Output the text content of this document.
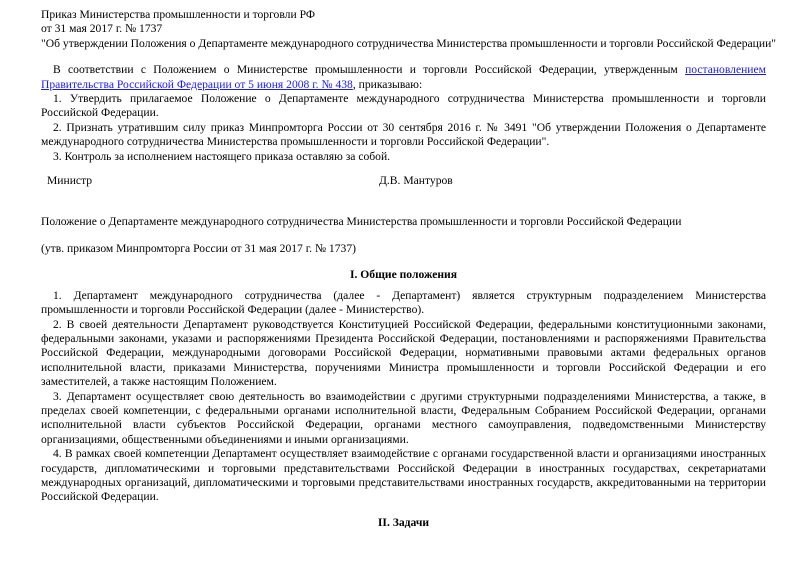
Приказ Министерства промышленности и торговли РФ
от 31 мая 2017 г. № 1737
"Об утверждении Положения о Департаменте международного сотрудничества Министерства промышленности и торговли Российской Федерации"

В соответствии с Положением о Министерстве промышленности и торговли Российской Федерации, утвержденным постановлением Правительства Российской Федерации от 5 июня 2008 г. № 438, приказываю:

1. Утвердить прилагаемое Положение о Департаменте международного сотрудничества Министерства промышленности и торговли Российской Федерации.

2. Признать утратившим силу приказ Минпромторга России от 30 сентября 2016 г. № 3491 "Об утверждении Положения о Департаменте международного сотрудничества Министерства промышленности и торговли Российской Федерации".

3. Контроль за исполнением настоящего приказа оставляю за собой.

Министр	Д.В. Мантуров

Положение о Департаменте международного сотрудничества Министерства промышленности и торговли Российской Федерации

(утв. приказом Минпромторга России от 31 мая 2017 г. № 1737)

I. Общие положения

1. Департамент международного сотрудничества (далее - Департамент) является структурным подразделением Министерства промышленности и торговли Российской Федерации (далее - Министерство).

2. В своей деятельности Департамент руководствуется Конституцией Российской Федерации, федеральными конституционными законами, федеральными законами, указами и распоряжениями Президента Российской Федерации, постановлениями и распоряжениями Правительства Российской Федерации, международными договорами Российской Федерации, нормативными правовыми актами федеральных органов исполнительной власти, приказами Министерства, поручениями Министра промышленности и торговли Российской Федерации и его заместителей, а также настоящим Положением.

3. Департамент осуществляет свою деятельность во взаимодействии с другими структурными подразделениями Министерства, а также, в пределах своей компетенции, с федеральными органами исполнительной власти, Федеральным Собранием Российской Федерации, органами исполнительной власти субъектов Российской Федерации, органами местного самоуправления, подведомственными Министерству организациями, общественными объединениями и иными организациями.

4. В рамках своей компетенции Департамент осуществляет взаимодействие с органами государственной власти и организациями иностранных государств, дипломатическими и торговыми представительствами Российской Федерации в иностранных государствах, секретариатами международных организаций, дипломатическими и торговыми представительствами иностранных государств, аккредитованными на территории Российской Федерации.

II. Задачи
